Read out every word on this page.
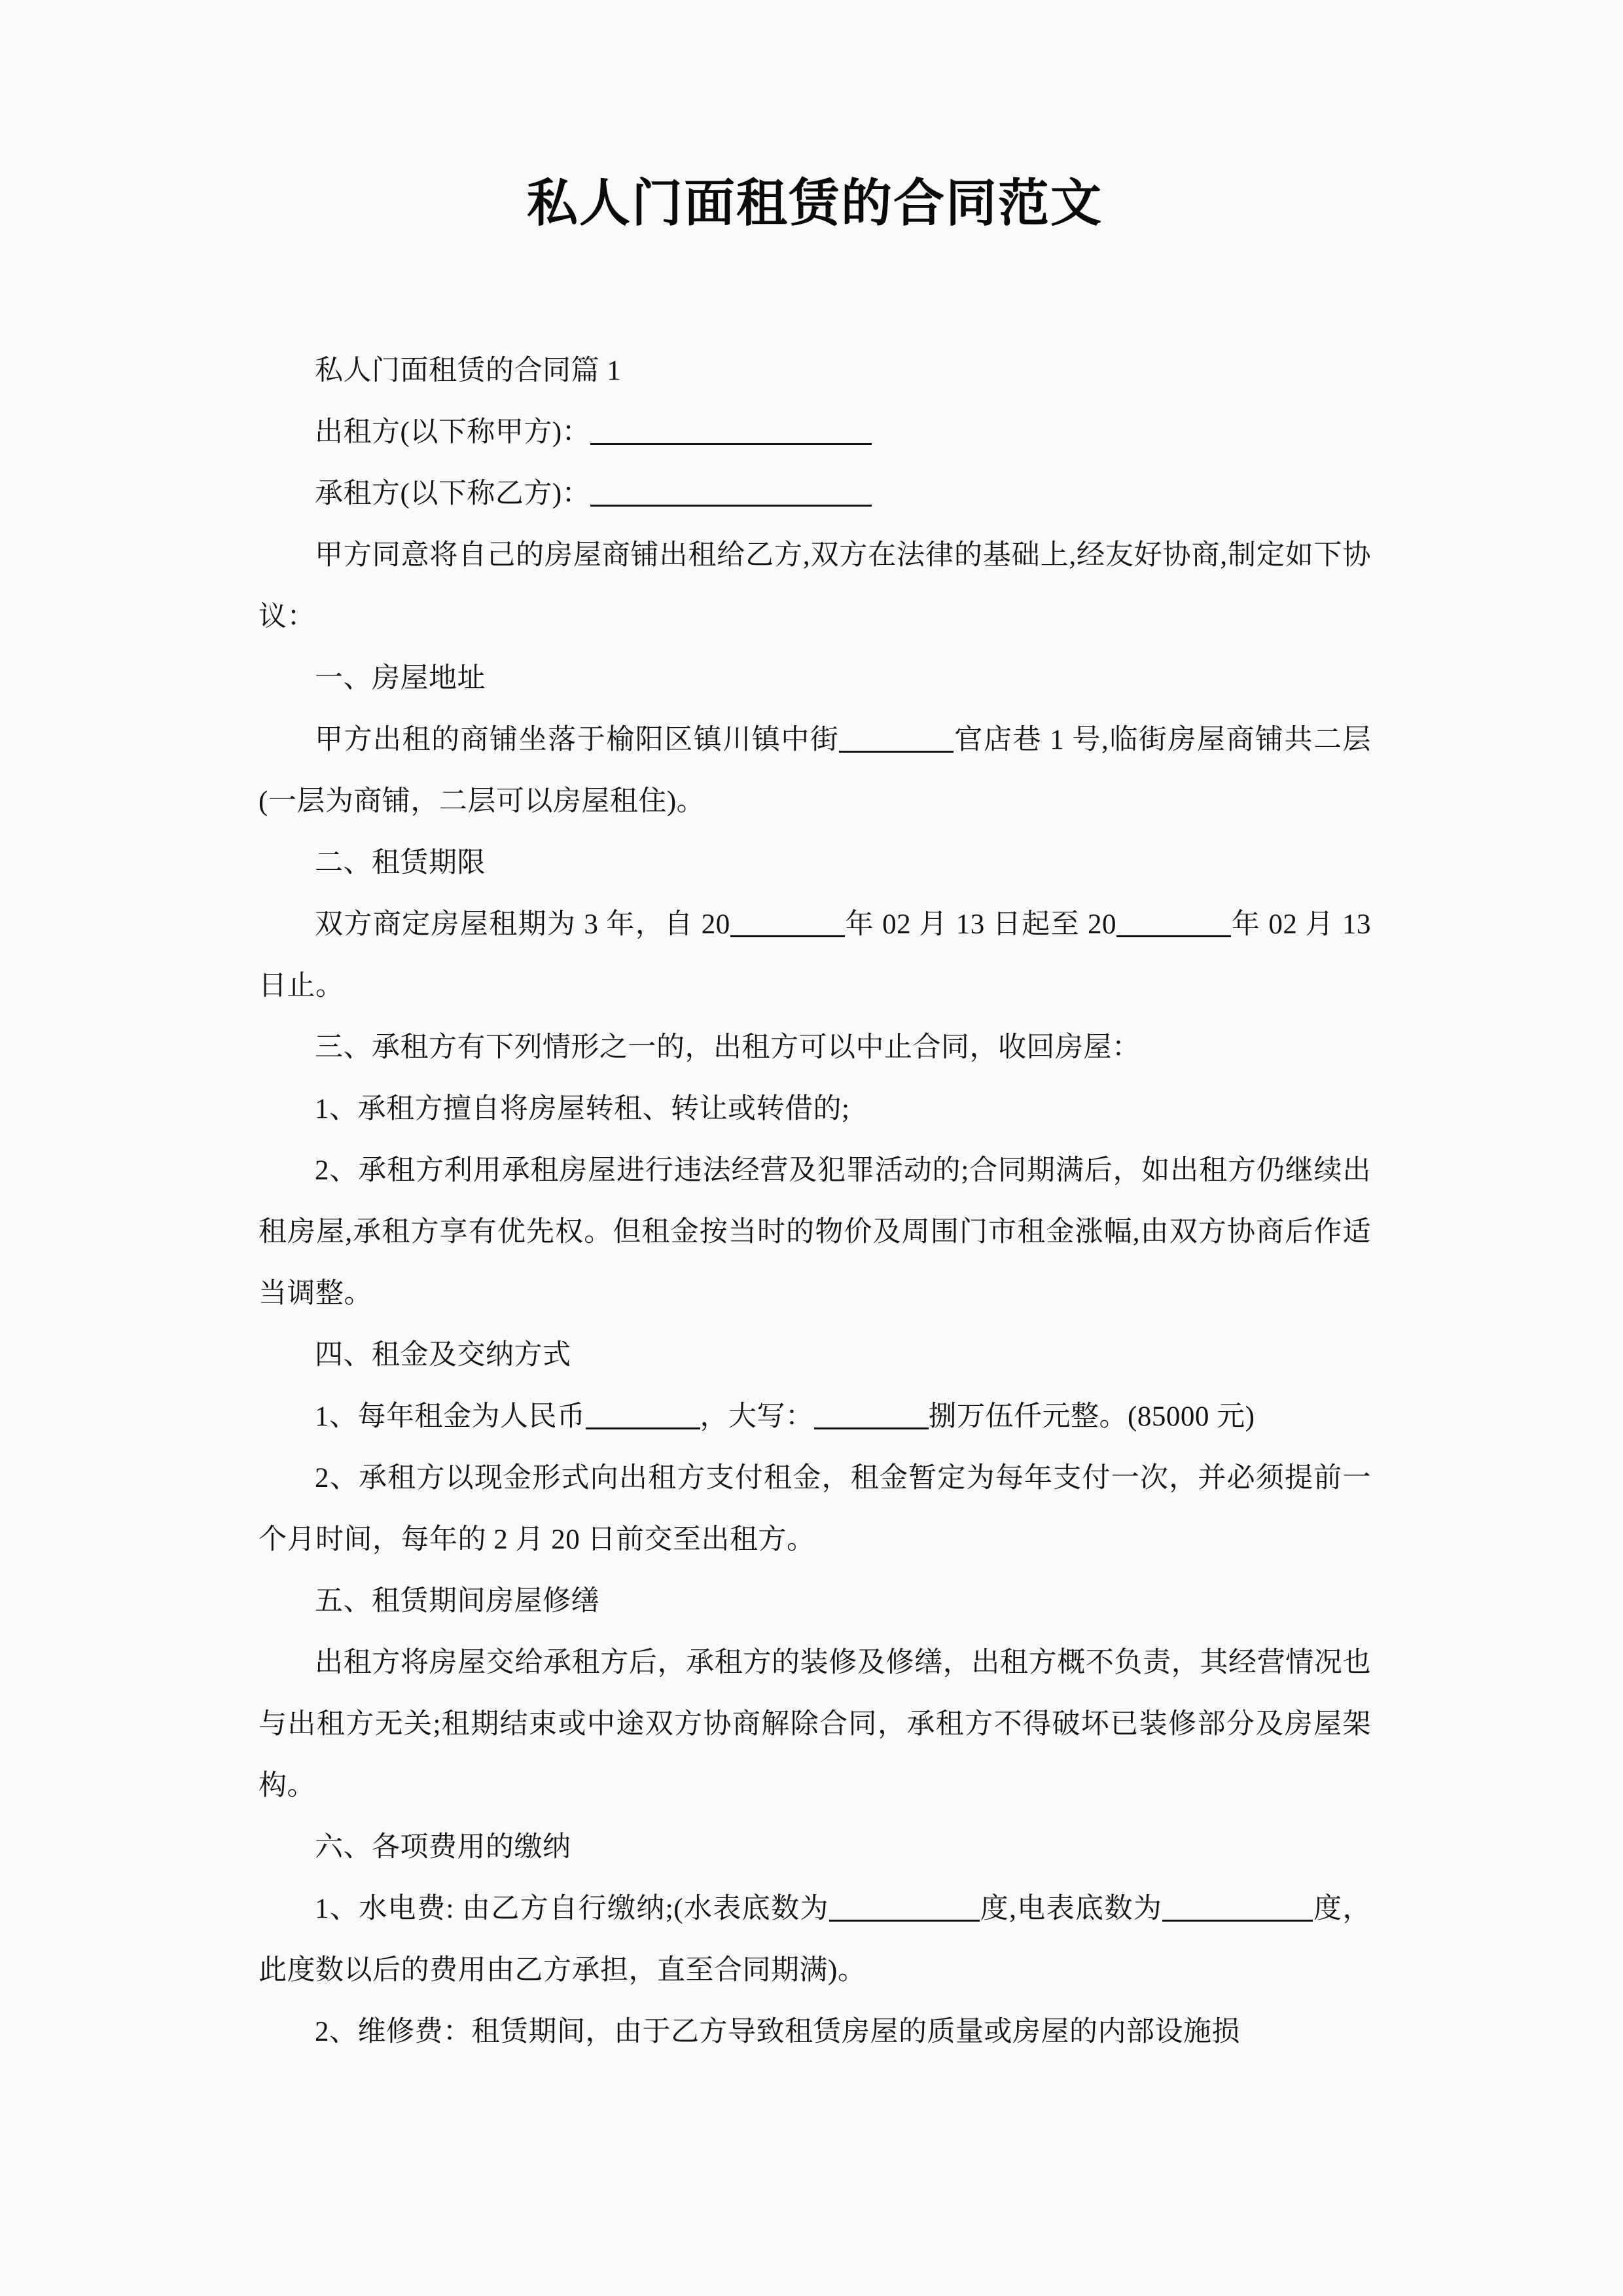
私人门面租赁的合同范文

私人门面租赁的合同篇 1

出租方(以下称甲方)：

承租方(以下称乙方)：

甲方同意将自己的房屋商铺出租给乙方,双方在法律的基础上,经友好协商,制定如下协议：

一、房屋地址

甲方出租的商铺坐落于榆阳区镇川镇中街	官店巷 1 号,临街房屋商铺共二层(一层为商铺，二层可以房屋租住)。

二、租赁期限

双方商定房屋租期为 3 年，自 20	年 02 月 13 日起至 20	年 02 月 13 日止。

三、承租方有下列情形之一的，出租方可以中止合同，收回房屋：

1、承租方擅自将房屋转租、转让或转借的;

2、承租方利用承租房屋进行违法经营及犯罪活动的;合同期满后，如出租方仍继续出租房屋,承租方享有优先权。但租金按当时的物价及周围门市租金涨幅,由双方协商后作适当调整。

四、租金及交纳方式

1、每年租金为人民币	，大写：	捌万伍仟元整。(85000 元)

2、承租方以现金形式向出租方支付租金，租金暂定为每年支付一次，并必须提前一个月时间，每年的 2 月 20 日前交至出租方。

五、租赁期间房屋修缮

出租方将房屋交给承租方后，承租方的装修及修缮，出租方概不负责，其经营情况也与出租方无关;租期结束或中途双方协商解除合同，承租方不得破坏已装修部分及房屋架构。

六、各项费用的缴纳

1、水电费: 由乙方自行缴纳;(水表底数为	度,电表底数为	度，此度数以后的费用由乙方承担，直至合同期满)。

2、维修费：租赁期间，由于乙方导致租赁房屋的质量或房屋的内部设施损
